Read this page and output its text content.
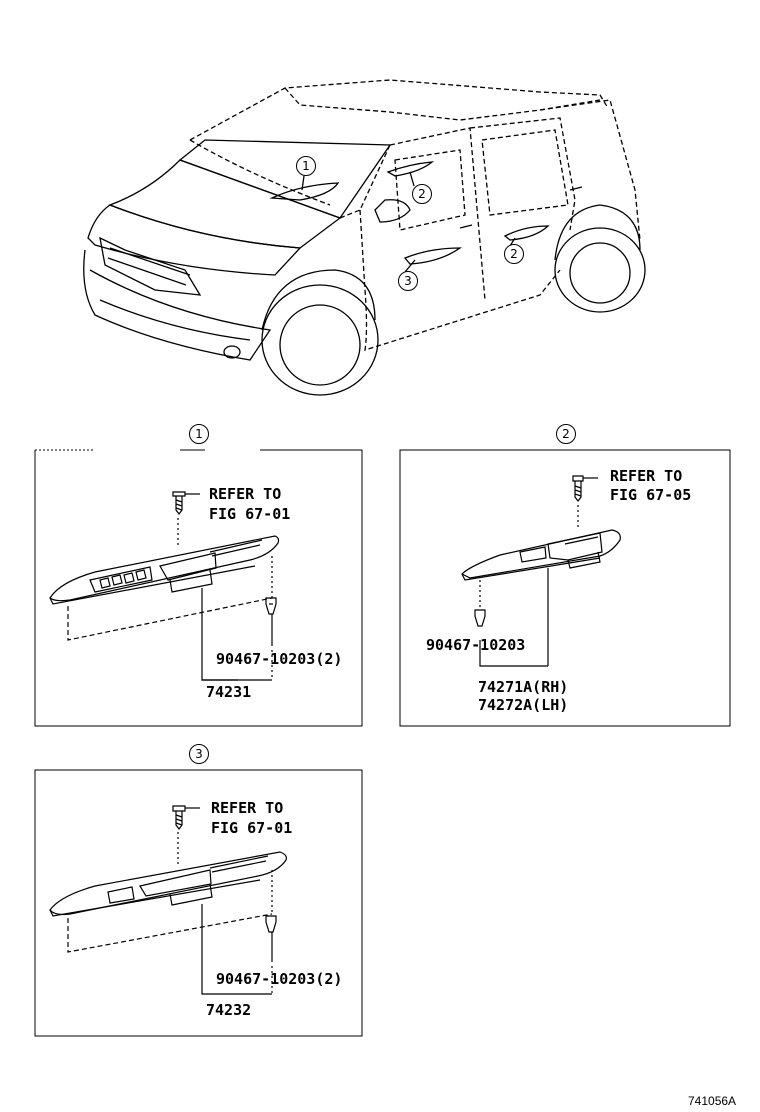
1
2
2
3
1	2
3
REFER TO
FIG 67-01
90467-10203(2)
74231
REFER TO
FIG 67-05
90467-10203
74271A(RH)
74272A(LH)
REFER TO
FIG 67-01
90467-10203(2)
74232
741056A
